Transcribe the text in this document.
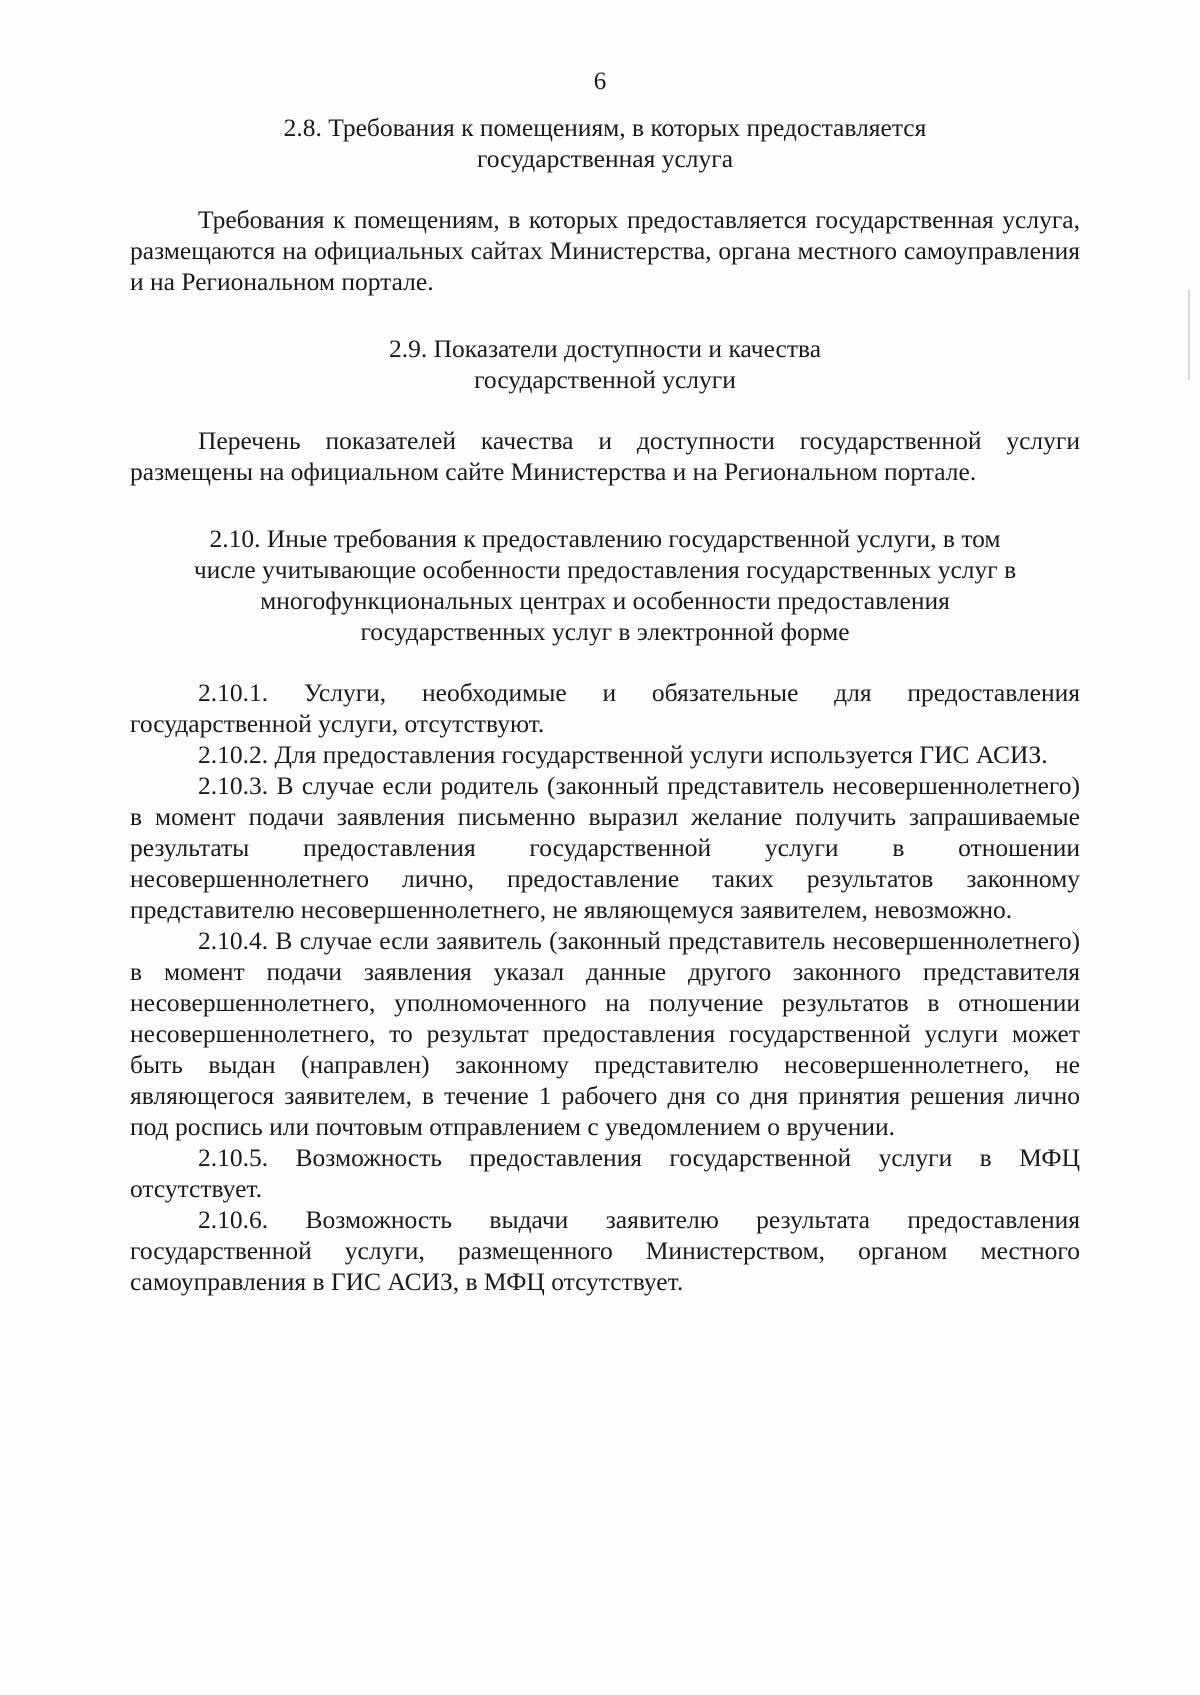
6

2.8. Требования к помещениям, в которых предоставляется
государственная услуга

Требования к помещениям, в которых предоставляется государственная услуга, размещаются на официальных сайтах Министерства, органа местного самоуправления и на Региональном портале.

2.9. Показатели доступности и качества
государственной услуги

Перечень показателей качества и доступности государственной услуги размещены на официальном сайте Министерства и на Региональном портале.

2.10. Иные требования к предоставлению государственной услуги, в том
числе учитывающие особенности предоставления государственных услуг в
многофункциональных центрах и особенности предоставления
государственных услуг в электронной форме

2.10.1. Услуги, необходимые и обязательные для предоставления государственной услуги, отсутствуют.

2.10.2. Для предоставления государственной услуги используется ГИС АСИЗ.

2.10.3. В случае если родитель (законный представитель несовершеннолетнего) в момент подачи заявления письменно выразил желание получить запрашиваемые результаты предоставления государственной услуги в отношении несовершеннолетнего лично, предоставление таких результатов законному представителю несовершеннолетнего, не являющемуся заявителем, невозможно.

2.10.4. В случае если заявитель (законный представитель несовершеннолетнего) в момент подачи заявления указал данные другого законного представителя несовершеннолетнего, уполномоченного на получение результатов в отношении несовершеннолетнего, то результат предоставления государственной услуги может быть выдан (направлен) законному представителю несовершеннолетнего, не являющегося заявителем, в течение 1 рабочего дня со дня принятия решения лично под роспись или почтовым отправлением с уведомлением о вручении.

2.10.5. Возможность предоставления государственной услуги в МФЦ отсутствует.

2.10.6. Возможность выдачи заявителю результата предоставления государственной услуги, размещенного Министерством, органом местного самоуправления в ГИС АСИЗ, в МФЦ отсутствует.
